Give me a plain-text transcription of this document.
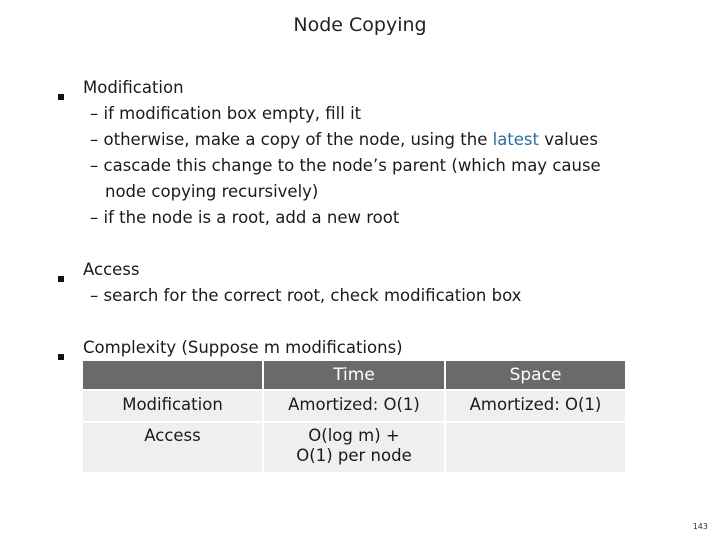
Node Copying
Modification
– if modification box empty, fill it
– otherwise, make a copy of the node, using the latest values
– cascade this change to the node’s parent (which may cause
node copying recursively)
– if the node is a root, add a new root
Access
– search for the correct root, check modification box
Complexity (Suppose m modifications)
	Time	Space
Modification	Amortized: O(1)	Amortized: O(1)
Access	O(log m) +
O(1) per node	

143
